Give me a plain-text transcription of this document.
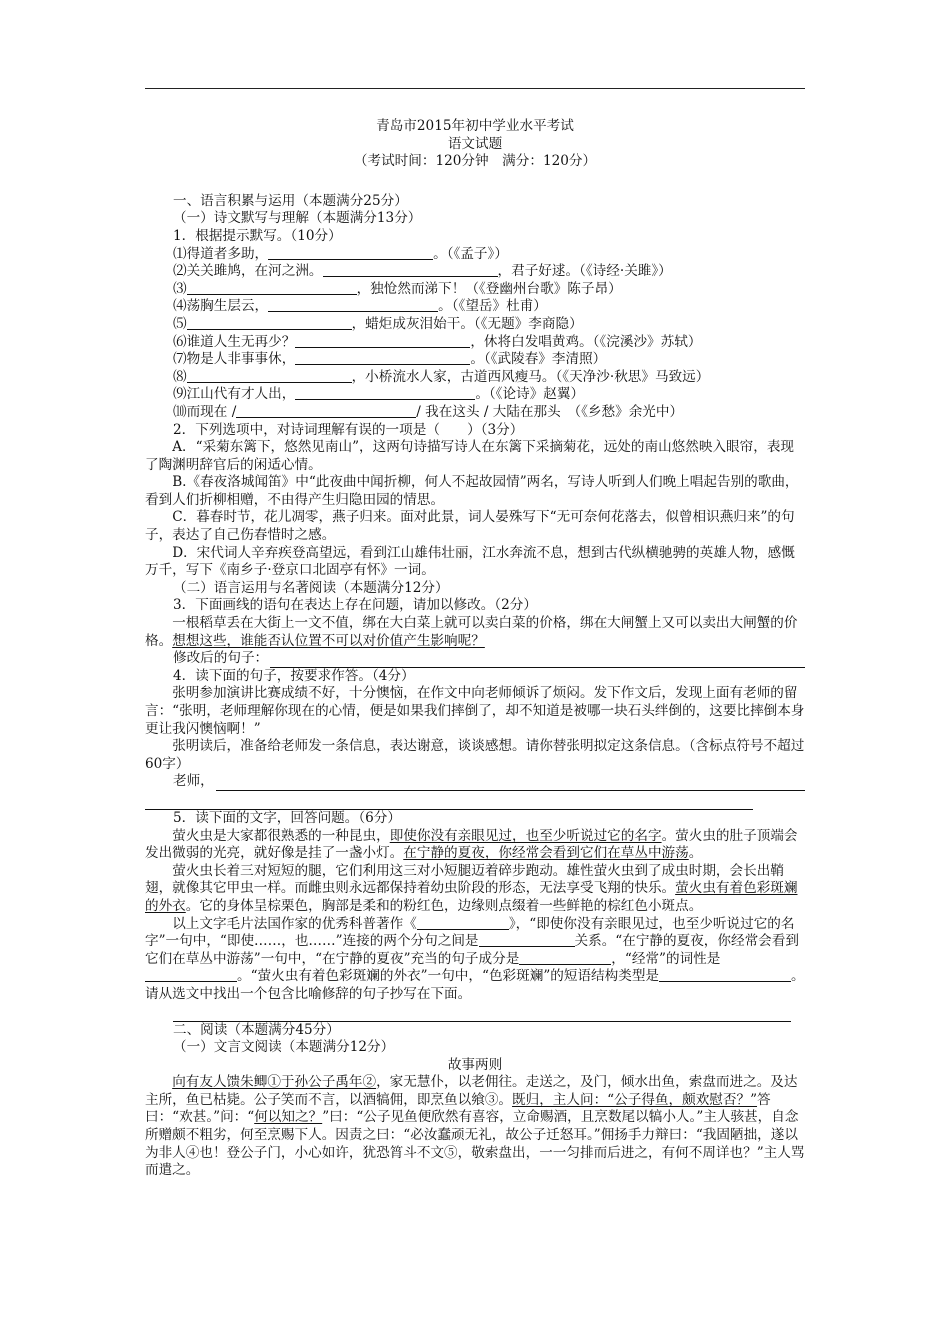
青岛市2015年初中学业水平考试

语文试题

（考试时间：120分钟　满分：120分）

一、语言积累与运用（本题满分25分）

（一）诗文默写与理解（本题满分13分）

1．根据提示默写。（10分）

⑴得道者多助，	。（《孟子》）

⑵关关雎鸠，在河之洲。	，君子好逑。（《诗经·关雎》）

⑶	，独怆然而涕下！（《登幽州台歌》陈子昂）

⑷荡胸生层云，	。（《望岳》杜甫）

⑸	，蜡炬成灰泪始干。（《无题》李商隐）

⑹谁道人生无再少？	，休将白发唱黄鸡。（《浣溪沙》苏轼）

⑺物是人非事事休，	。（《武陵春》李清照）

⑻	，小桥流水人家，古道西风瘦马。（《天净沙·秋思》马致远）

⑼江山代有才人出，	。（《论诗》赵翼）

⑽而现在 /	/ 我在这头 / 大陆在那头　（《乡愁》余光中）

2．下列选项中，对诗词理解有误的一项是（　　）（3分）

A．“采菊东篱下，悠然见南山”，这两句诗描写诗人在东篱下采摘菊花，远处的南山悠然映入眼帘，表现了陶渊明辞官后的闲适心情。

B.《春夜洛城闻笛》中“此夜曲中闻折柳，何人不起故园情”两名，写诗人听到人们晚上唱起告别的歌曲，看到人们折柳相赠，不由得产生归隐田园的情思。

C．暮春时节，花儿凋零，燕子归来。面对此景，词人晏殊写下“无可奈何花落去，似曾相识燕归来”的句子，表达了自己伤春惜时之感。

D．宋代词人辛弃疾登高望远，看到江山雄伟壮丽，江水奔流不息，想到古代纵横驰骋的英雄人物，感慨万千，写下《南乡子·登京口北固亭有怀》一词。

（二）语言运用与名著阅读（本题满分12分）

3．下面画线的语句在表达上存在问题，请加以修改。（2分）

一根稻草丢在大街上一文不值，绑在大白菜上就可以卖白菜的价格，绑在大闸蟹上又可以卖出大闸蟹的价格。想想这些，谁能否认位置不可以对价值产生影响呢？

修改后的句子：

4．读下面的句子，按要求作答。（4分）

张明参加演讲比赛成绩不好，十分懊恼，在作文中向老师倾诉了烦闷。发下作文后，发现上面有老师的留言：“张明，老师理解你现在的心情，便是如果我们摔倒了，却不知道是被哪一块石头绊倒的，这要比摔倒本身更让我闪懊恼啊！”

张明读后，准备给老师发一条信息，表达谢意，谈谈感想。请你替张明拟定这条信息。（含标点符号不超过60字）

老师，

5．读下面的文字，回答问题。（6分）

萤火虫是大家都很熟悉的一种昆虫，即使你没有亲眼见过，也至少听说过它的名字。萤火虫的肚子顶端会发出微弱的光亮，就好像是挂了一盏小灯。在宁静的夏夜，你经常会看到它们在草丛中游荡。

萤火虫长着三对短短的腿，它们利用这三对小短腿迈着碎步跑动。雄性萤火虫到了成虫时期，会长出鞘翅，就像其它甲虫一样。而雌虫则永远都保持着幼虫阶段的形态，无法享受飞翔的快乐。萤火虫有着色彩斑斓的外衣。它的身体呈棕栗色，胸部是柔和的粉红色，边缘则点缀着一些鲜艳的棕红色小斑点。

以上文字毛片法国作家的优秀科普著作《	》，“即使你没有亲眼见过，也至少听说过它的名字”一句中，“即使……，也……”连接的两个分句之间是	关系。“在宁静的夏夜，你经常会看到它们在草丛中游荡”一句中，“在宁静的夏夜”充当的句子成分是	，“经常”的词性是。“萤火虫有着色彩斑斓的外衣”一句中，“色彩斑斓”的短语结构类型是	。请从选文中找出一个包含比喻修辞的句子抄写在下面。

二、阅读（本题满分45分）

（一）文言文阅读（本题满分12分）

故事两则

向有友人馈朱鲫①于孙公子禹年②，家无慧仆，以老佣往。走送之，及门，倾水出鱼，索盘而进之。及达主所，鱼已枯毙。公子笑而不言，以酒犒佣，即烹鱼以飨③。既归，主人问：“公子得鱼，颇欢慰否？”答曰：“欢甚。”问：“何以知之？”曰：“公子见鱼便欣然有喜容，立命赐酒，且烹数尾以犒小人。”主人骇甚，自念所赠颇不粗劣，何至烹赐下人。因责之曰：“必汝蠢顽无礼，故公子迁怒耳。”佣扬手力辩曰：“我固陋拙，遂以为非人④也！登公子门，小心如许，犹恐筲斗不文⑤，敬索盘出，一一匀排而后进之，有何不周详也？”主人骂而遣之。
